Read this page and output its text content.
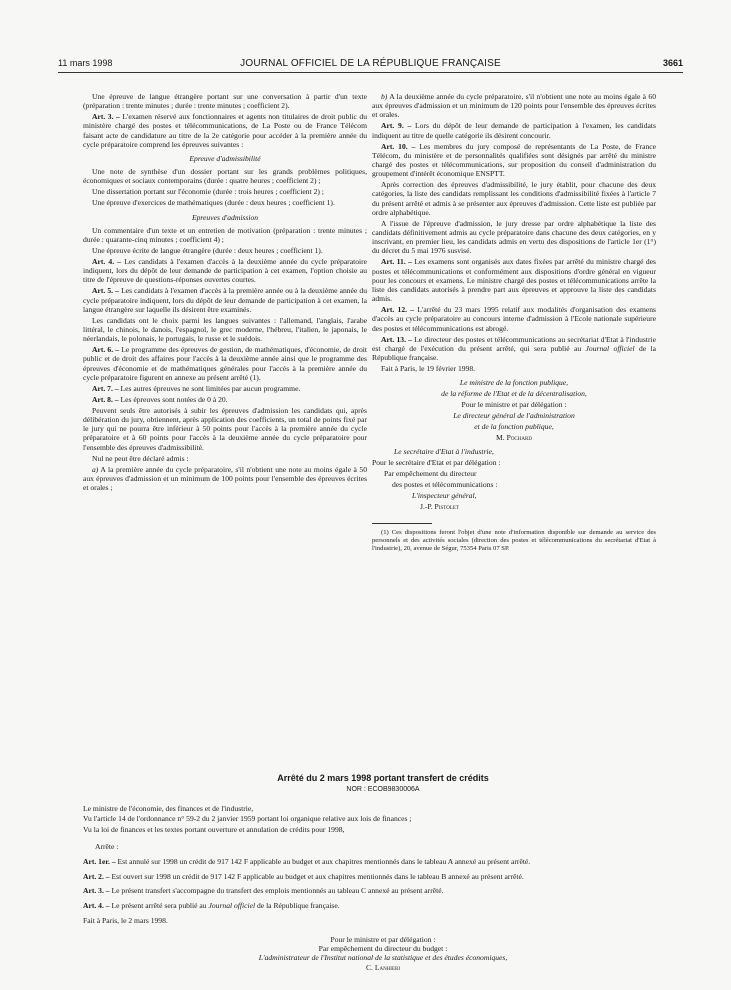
11 mars 1998	JOURNAL OFFICIEL DE LA RÉPUBLIQUE FRANÇAISE	3661

Une épreuve de langue étrangère portant sur une conversation à partir d'un texte (préparation : trente minutes ; durée : trente minutes ; coefficient 2).

Art. 3. – L'examen réservé aux fonctionnaires et agents non titulaires de droit public du ministère chargé des postes et télécommunications, de La Poste ou de France Télécom faisant acte de candidature au titre de la 2e catégorie pour accéder à la première année du cycle préparatoire comprend les épreuves suivantes :

Epreuve d'admissibilité

Une note de synthèse d'un dossier portant sur les grands problèmes politiques, économiques et sociaux contemporains (durée : quatre heures ; coefficient 2) ;

Une dissertation portant sur l'économie (durée : trois heures ; coefficient 2) ;

Une épreuve d'exercices de mathématiques (durée : deux heures ; coefficient 1).

Epreuves d'admission

Un commentaire d'un texte et un entretien de motivation (préparation : trente minutes ; durée : quarante-cinq minutes ; coefficient 4) ;

Une épreuve écrite de langue étrangère (durée : deux heures ; coefficient 1).

Art. 4. – Les candidats à l'examen d'accès à la deuxième année du cycle préparatoire indiquent, lors du dépôt de leur demande de participation à cet examen, l'option choisie au titre de l'épreuve de questions-réponses ouvertes courtes.

Art. 5. – Les candidats à l'examen d'accès à la première année ou à la deuxième année du cycle préparatoire indiquent, lors du dépôt de leur demande de participation à cet examen, la langue étrangère sur laquelle ils désirent être examinés.

Les candidats ont le choix parmi les langues suivantes : l'allemand, l'anglais, l'arabe littéral, le chinois, le danois, l'espagnol, le grec moderne, l'hébreu, l'italien, le japonais, le néerlandais, le polonais, le portugais, le russe et le suédois.

Art. 6. – Le programme des épreuves de gestion, de mathématiques, d'économie, de droit public et de droit des affaires pour l'accès à la deuxième année ainsi que le programme des épreuves d'économie et de mathématiques générales pour l'accès à la première année du cycle préparatoire figurent en annexe au présent arrêté (1).

Art. 7. – Les autres épreuves ne sont limitées par aucun programme.

Art. 8. – Les épreuves sont notées de 0 à 20.

Peuvent seuls être autorisés à subir les épreuves d'admission les candidats qui, après délibération du jury, obtiennent, après application des coefficients, un total de points fixé par le jury qui ne pourra être inférieur à 50 points pour l'accès à la première année du cycle préparatoire et à 60 points pour l'accès à la deuxième année du cycle préparatoire pour l'ensemble des épreuves d'admissibilité.

Nul ne peut être déclaré admis :

a) A la première année du cycle préparatoire, s'il n'obtient une note au moins égale à 50 aux épreuves d'admission et un minimum de 100 points pour l'ensemble des épreuves écrites et orales ;

b) A la deuxième année du cycle préparatoire, s'il n'obtient une note au moins égale à 60 aux épreuves d'admission et un minimum de 120 points pour l'ensemble des épreuves écrites et orales.

Art. 9. – Lors du dépôt de leur demande de participation à l'examen, les candidats indiquent au titre de quelle catégorie ils désirent concourir.

Art. 10. – Les membres du jury composé de représentants de La Poste, de France Télécom, du ministère et de personnalités qualifiées sont désignés par arrêté du ministre chargé des postes et télécommunications, sur proposition du conseil d'administration du groupement d'intérêt économique ENSPTT.

Après correction des épreuves d'admissibilité, le jury établit, pour chacune des deux catégories, la liste des candidats remplissant les conditions d'admissibilité fixées à l'article 7 du présent arrêté et admis à se présenter aux épreuves d'admission. Cette liste est publiée par ordre alphabétique.

A l'issue de l'épreuve d'admission, le jury dresse par ordre alphabétique la liste des candidats définitivement admis au cycle préparatoire dans chacune des deux catégories, en y inscrivant, en premier lieu, les candidats admis en vertu des dispositions de l'article 1er (1°) du décret du 5 mai 1976 susvisé.

Art. 11. – Les examens sont organisés aux dates fixées par arrêté du ministre chargé des postes et télécommunications et conformément aux dispositions d'ordre général en vigueur pour les concours et examens. Le ministre chargé des postes et télécommunications arrête la liste des candidats autorisés à prendre part aux épreuves et approuve la liste des candidats admis.

Art. 12. – L'arrêté du 23 mars 1995 relatif aux modalités d'organisation des examens d'accès au cycle préparatoire au concours interne d'admission à l'Ecole nationale supérieure des postes et télécommunications est abrogé.

Art. 13. – Le directeur des postes et télécommunications au secrétariat d'Etat à l'industrie est chargé de l'exécution du présent arrêté, qui sera publié au Journal officiel de la République française.

Fait à Paris, le 19 février 1998.

Le ministre de la fonction publique,

de la réforme de l'Etat et de la décentralisation,

Pour le ministre et par délégation :

Le directeur général de l'administration

et de la fonction publique,

M. Pochard

Le secrétaire d'Etat à l'industrie,

Pour le secrétaire d'Etat et par délégation :

Par empêchement du directeur

des postes et télécommunications :

L'inspecteur général,

J.-P. Pistolet

(1) Ces dispositions feront l'objet d'une note d'information disponible sur demande au service des personnels et des activités sociales (direction des postes et télécommunications du secrétariat d'Etat à l'industrie), 20, avenue de Ségur, 75354 Paris 07 SP.

Arrêté du 2 mars 1998 portant transfert de crédits

NOR : ECOB9830006A

Le ministre de l'économie, des finances et de l'industrie,

Vu l'article 14 de l'ordonnance n° 59-2 du 2 janvier 1959 portant loi organique relative aux lois de finances ;

Vu la loi de finances et les textes portant ouverture et annulation de crédits pour 1998,

Arrête :

Art. 1er. – Est annulé sur 1998 un crédit de 917 142 F applicable au budget et aux chapitres mentionnés dans le tableau A annexé au présent arrêté.

Art. 2. – Est ouvert sur 1998 un crédit de 917 142 F applicable au budget et aux chapitres mentionnés dans le tableau B annexé au présent arrêté.

Art. 3. – Le présent transfert s'accompagne du transfert des emplois mentionnés au tableau C annexé au présent arrêté.

Art. 4. – Le présent arrêté sera publié au Journal officiel de la République française.

Fait à Paris, le 2 mars 1998.

Pour le ministre et par délégation :

Par empêchement du directeur du budget :

L'administrateur de l'Institut national de la statistique et des études économiques,

C. Lanhieri
